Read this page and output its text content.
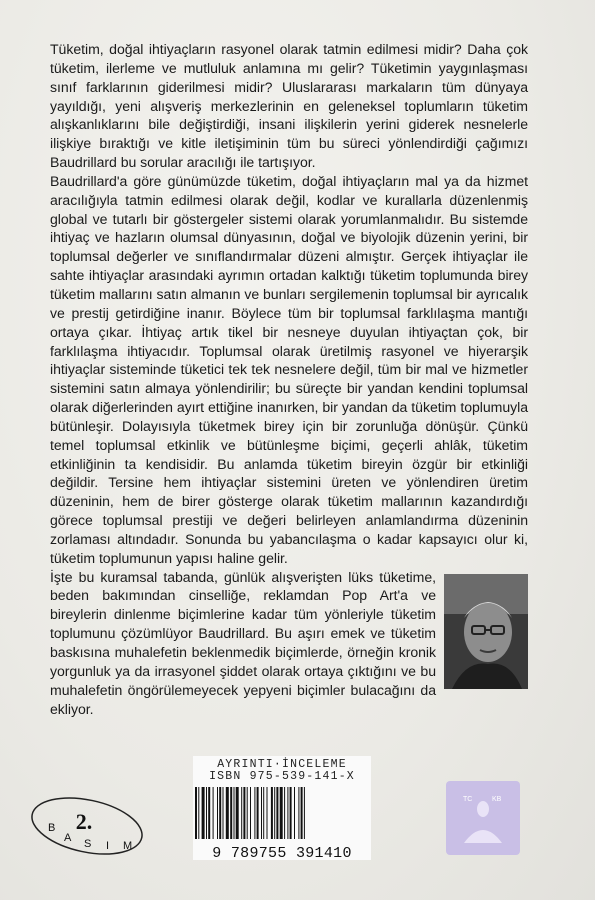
Tüketim, doğal ihtiyaçların rasyonel olarak tatmin edilmesi midir? Daha çok tüketim, ilerleme ve mutluluk anlamına mı gelir? Tüketimin yaygınlaşması sınıf farklarının giderilmesi midir? Uluslararası markaların tüm dünyaya yayıldığı, yeni alışveriş merkezlerinin en geleneksel toplumların tüketim alışkanlıklarını bile değiştirdiği, insani ilişkilerin yerini giderek nesnelerle ilişkiye bıraktığı ve kitle iletişiminin tüm bu süreci yönlendirdiği çağımızı Baudrillard bu sorular aracılığı ile tartışıyor.

Baudrillard'a göre günümüzde tüketim, doğal ihtiyaçların mal ya da hizmet aracılığıyla tatmin edilmesi olarak değil, kodlar ve kurallarla düzenlenmiş global ve tutarlı bir göstergeler sistemi olarak yorumlanmalıdır. Bu sistemde ihtiyaç ve hazların olumsal dünyasının, doğal ve biyolojik düzenin yerini, bir toplumsal değerler ve sınıflandırmalar düzeni almıştır. Gerçek ihtiyaçlar ile sahte ihtiyaçlar arasındaki ayrımın ortadan kalktığı tüketim toplumunda birey tüketim mallarını satın almanın ve bunları sergilemenin toplumsal bir ayrıcalık ve prestij getirdiğine inanır. Böylece tüm bir toplumsal farklılaşma mantığı ortaya çıkar. İhtiyaç artık tikel bir nesneye duyulan ihtiyaçtan çok, bir farklılaşma ihtiyacıdır. Toplumsal olarak üretilmiş rasyonel ve hiyerarşik ihtiyaçlar sisteminde tüketici tek tek nesnelere değil, tüm bir mal ve hizmetler sistemini satın almaya yönlendirilir; bu süreçte bir yandan kendini toplumsal olarak diğerlerinden ayırt ettiğine inanırken, bir yandan da tüketim toplumuyla bütünleşir. Dolayısıyla tüketmek birey için bir zorunluğa dönüşür. Çünkü temel toplumsal etkinlik ve bütünleşme biçimi, geçerli ahlâk, tüketim etkinliğinin ta kendisidir. Bu anlamda tüketim bireyin özgür bir etkinliği değildir. Tersine hem ihtiyaçlar sistemini üreten ve yönlendiren üretim düzeninin, hem de birer gösterge olarak tüketim mallarının kazandırdığı görece toplumsal prestiji ve değeri belirleyen anlamlandırma düzeninin zorlaması altındadır. Sonunda bu yabancılaşma o kadar kapsayıcı olur ki, tüketim toplumunun yapısı haline gelir.

İşte bu kuramsal tabanda, günlük alışverişten lüks tüketime, beden bakımından cinselliğe, reklamdan Pop Art'a ve bireylerin dinlenme biçimlerine kadar tüm yönleriyle tüketim toplumunu çözümlüyor Baudrillard. Bu aşırı emek ve tüketim baskısına muhalefetin beklenmedik biçimlerde, örneğin kronik yorgunluk ya da irrasyonel şiddet olarak ortaya çıktığını ve bu muhalefetin öngörülemeyecek yepyeni biçimler bulacağını da ekliyor.

2.
B
A S I M
AYRINTI·İNCELEME
ISBN 975-539-141-X
9 789755 391410
TC	KB
